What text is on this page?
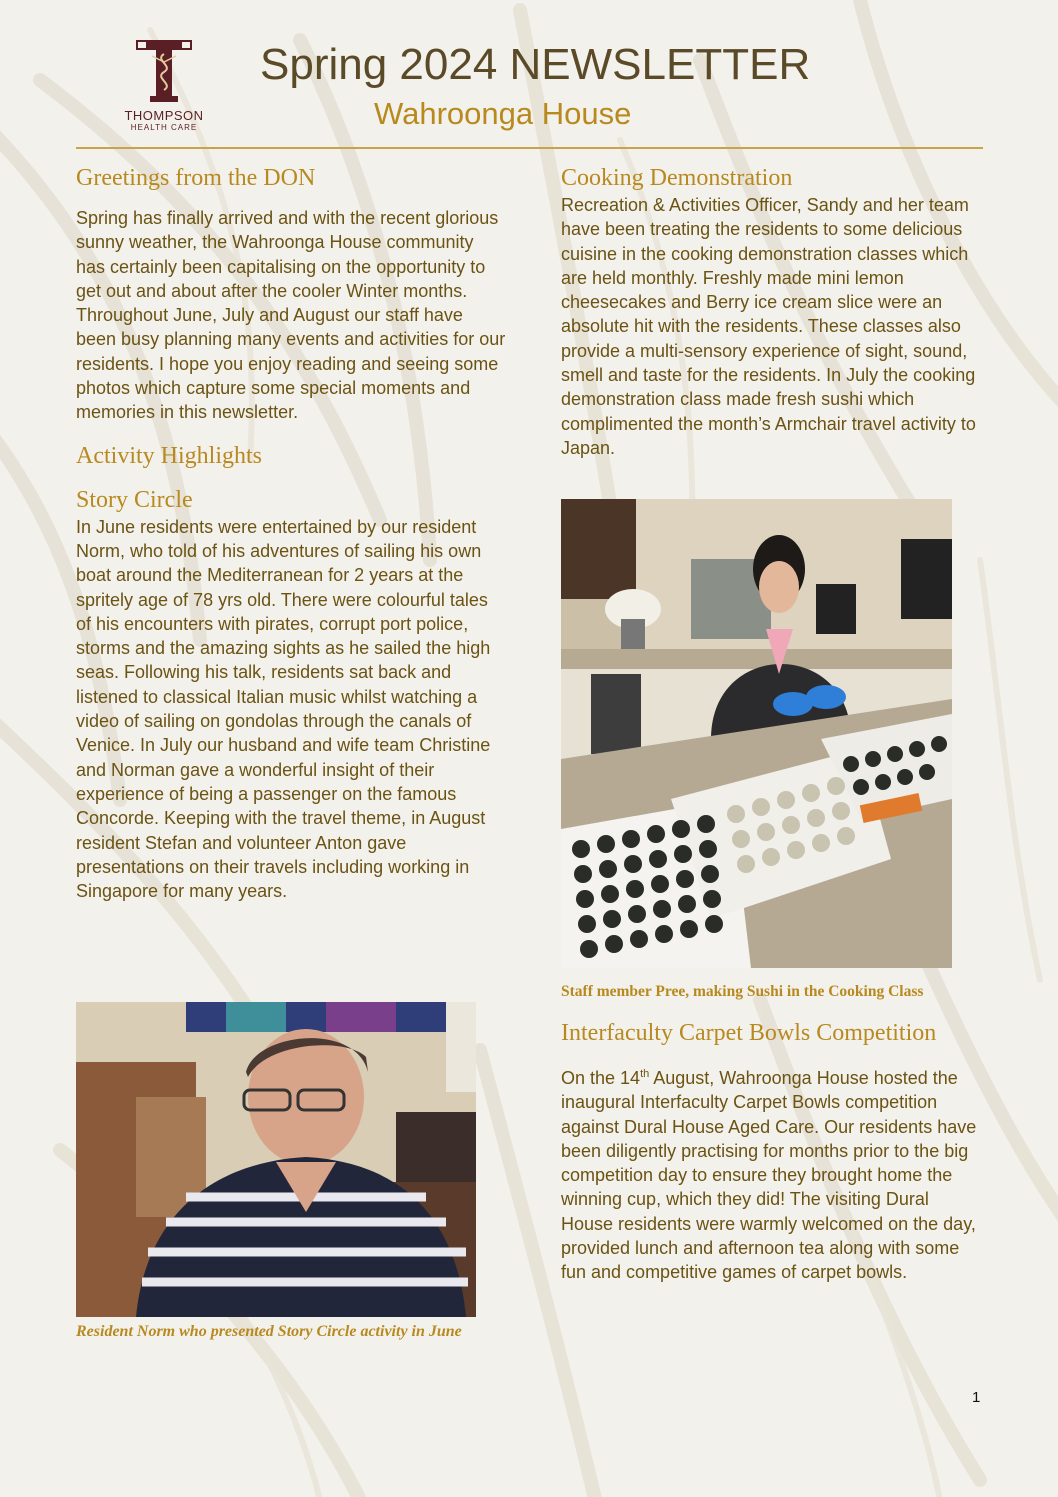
THOMPSON
HEALTH CARE
Spring 2024 NEWSLETTER
Wahroonga House
Greetings from the DON

Spring has finally arrived and with the recent glorious sunny weather, the Wahroonga House community has certainly been capitalising on the opportunity to get out and about after the cooler Winter months. Throughout June, July and August our staff have been busy planning many events and activities for our residents. I hope you enjoy reading and seeing some photos which capture some special moments and memories in this newsletter.

Activity Highlights
Story Circle

In June residents were entertained by our resident Norm, who told of his adventures of sailing his own boat around the Mediterranean for 2 years at the spritely age of 78 yrs old. There were colourful tales of his encounters with pirates, corrupt port police, storms and the amazing sights as he sailed the high seas. Following his talk, residents sat back and listened to classical Italian music whilst watching a video of sailing on gondolas through the canals of Venice. In July our husband and wife team Christine and Norman gave a wonderful insight of their experience of being a passenger on the famous Concorde. Keeping with the travel theme, in August resident Stefan and volunteer Anton gave presentations on their travels including working in Singapore for many years.

Resident Norm who presented Story Circle activity in June
Cooking Demonstration

Recreation & Activities Officer, Sandy and her team have been treating the residents to some delicious cuisine in the cooking demonstration classes which are held monthly. Freshly made mini lemon cheesecakes and Berry ice cream slice were an absolute hit with the residents. These classes also provide a multi-sensory experience of sight, sound, smell and taste for the residents. In July the cooking demonstration class made fresh sushi which complimented the month’s Armchair travel activity to Japan.

Staff member Pree, making Sushi in the Cooking Class
Interfaculty Carpet Bowls Competition

On the 14th August, Wahroonga House hosted the inaugural Interfaculty Carpet Bowls competition against Dural House Aged Care. Our residents have been diligently practising for months prior to the big competition day to ensure they brought home the winning cup, which they did! The visiting Dural House residents were warmly welcomed on the day, provided lunch and afternoon tea along with some fun and competitive games of carpet bowls.

1
